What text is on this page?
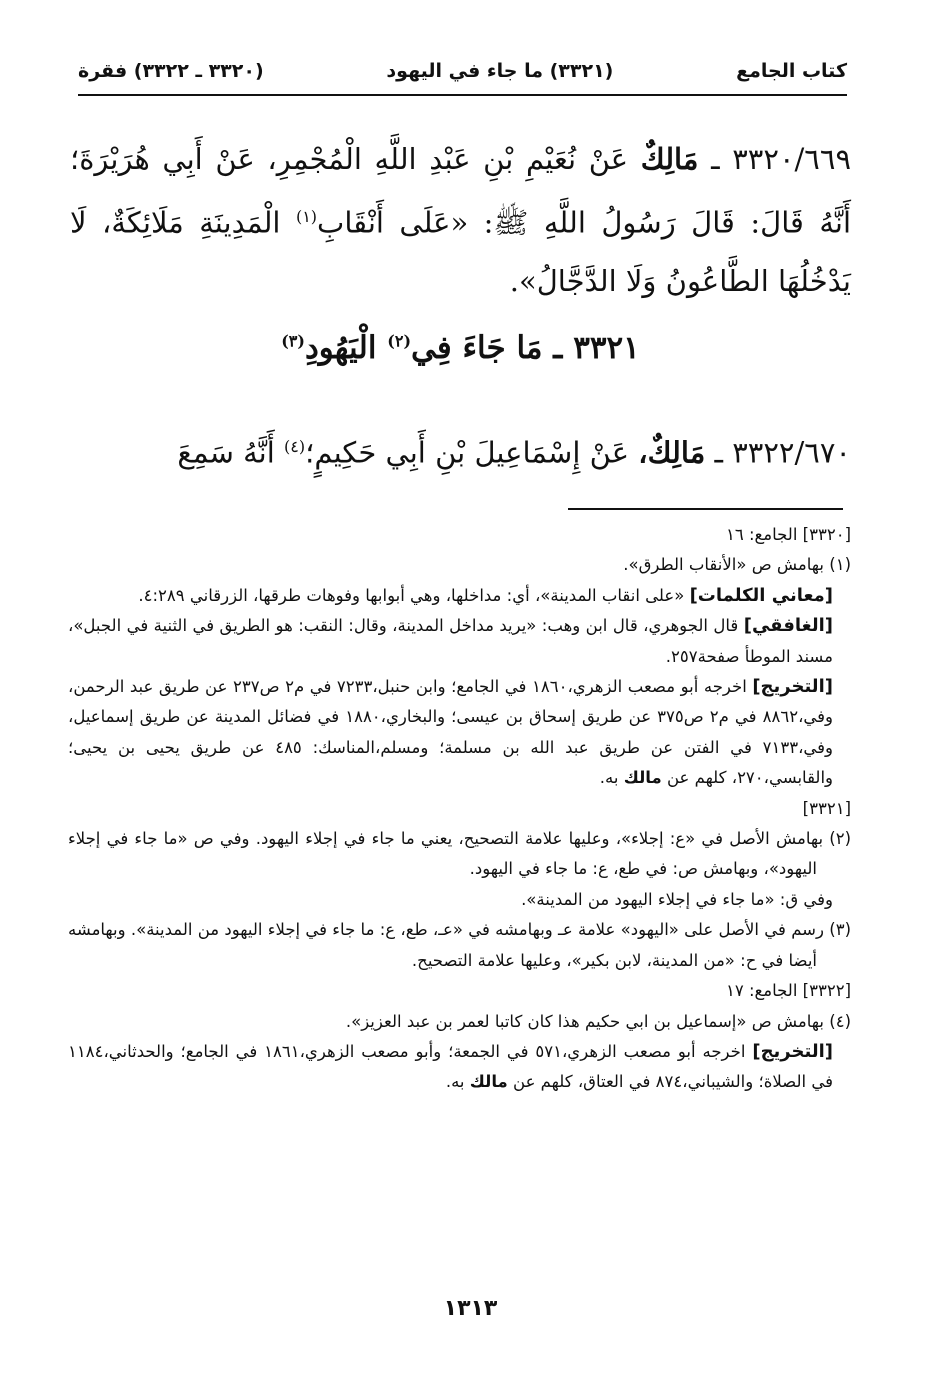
كتاب الجامع
(٣٣٢١) ما جاء في اليهود
(٣٣٢٠ ـ ٣٣٢٢) فقرة
٣٣٢٠/٦٦٩ ـ مَالِكٌ عَنْ نُعَيْمِ بْنِ عَبْدِ اللَّهِ الْمُجْمِرِ، عَنْ أَبِي هُرَيْرَةَ؛ أَنَّهُ قَالَ: قَالَ رَسُولُ اللَّهِ ﷺ: «عَلَى أَنْقَابِ$^{(١)}$ الْمَدِينَةِ مَلَائِكَةٌ، لَا يَدْخُلُهَا الطَّاعُونُ وَلَا الدَّجَّالُ».
٣٣٢١ ـ مَا جَاءَ فِي$^{(٢)}$ الْيَهُودِ$^{(٣)}$
٣٣٢٢/٦٧٠ ـ مَالِكٌ، عَنْ إِسْمَاعِيلَ بْنِ أَبِي حَكِيمٍ؛$^{(٤)}$ أَنَّهُ سَمِعَ

[٣٣٢٠] الجامع: ١٦

(١) بهامش ص «الأنقاب الطرق».

[معاني الكلمات] «على انقاب المدينة»، أي: مداخلها، وهي أبوابها وفوهات طرقها، الزرقاني ٤:٢٨٩.

[الغافقي] قال الجوهري، قال ابن وهب: «يريد مداخل المدينة، وقال: النقب: هو الطريق في الثنية في الجبل»، مسند الموطأ صفحة٢٥٧.

[التخريج] اخرجه أبو مصعب الزهري،١٨٦٠ في الجامع؛ وابن حنبل،٧٢٣٣ في م٢ ص٢٣٧ عن طريق عبد الرحمن، وفي،٨٨٦٢ في م٢ ص٣٧٥ عن طريق إسحاق بن عيسى؛ والبخاري،١٨٨٠ في فضائل المدينة عن طريق إسماعيل، وفي،٧١٣٣ في الفتن عن طريق عبد الله بن مسلمة؛ ومسلم،المناسك: ٤٨٥ عن طريق يحيى بن يحيى؛ والقابسي،٢٧٠، كلهم عن مالك به.

[٣٣٢١]

(٢) بهامش الأصل في «ع: إجلاء»، وعليها علامة التصحيح، يعني ما جاء في إجلاء اليهود. وفي ص «ما جاء في إجلاء اليهود»، وبهامش ص: في طع، ع: ما جاء في اليهود.

وفي ق: «ما جاء في إجلاء اليهود من المدينة».

(٣) رسم في الأصل على «اليهود» علامة عـ وبهامشه في «عـ، طع، ع: ما جاء في إجلاء اليهود من المدينة». وبهامشه أيضا في ح: «من المدينة، لابن بكير»، وعليها علامة التصحيح.

[٣٣٢٢] الجامع: ١٧

(٤) بهامش ص «إسماعيل بن ابي حكيم هذا كان كاتبا لعمر بن عبد العزيز».

[التخريج] اخرجه أبو مصعب الزهري،٥٧١ في الجمعة؛ وأبو مصعب الزهري،١٨٦١ في الجامع؛ والحدثاني،١١٨٤ في الصلاة؛ والشيباني،٨٧٤ في العتاق، كلهم عن مالك به.

١٣١٣
